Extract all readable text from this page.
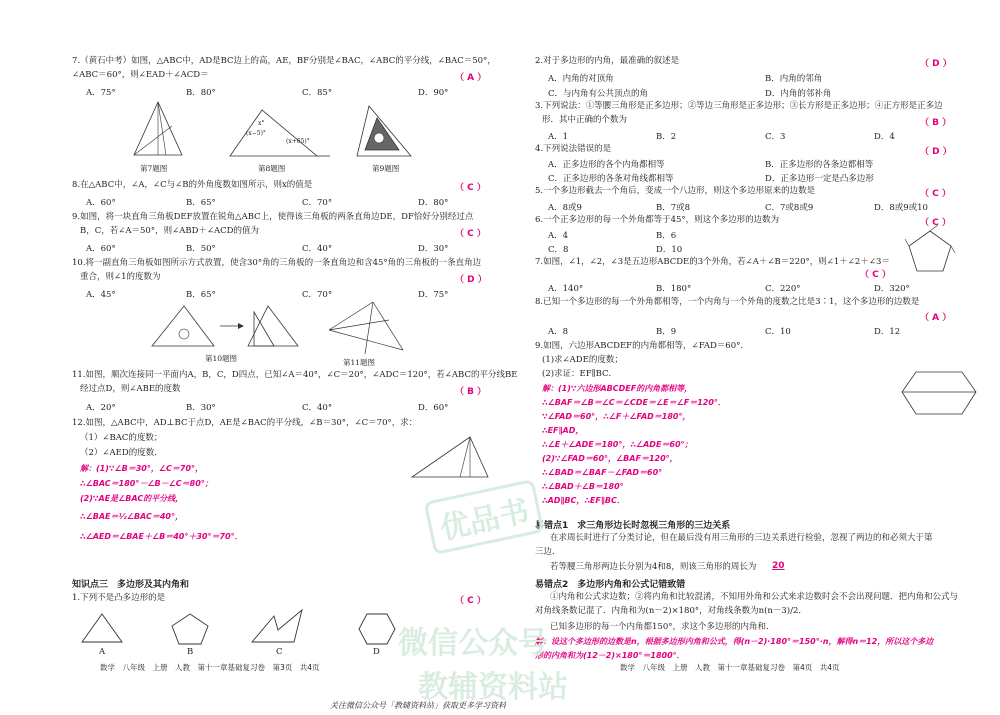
7.（黄石中考）如图，△ABC中，AD是BC边上的高，AE，BF分别是∠BAC，∠ABC的平分线，∠BAC＝50°，
∠ABC＝60°，则∠EAD＋∠ACD＝	（ A ）
A．75°	B．80°	C．85°	D．90°
第7题图
(x−5)°
(x+65)°
x°
第8题图	第9题图
8.在△ABC中，∠A，∠C与∠B的外角度数如图所示，则x的值是	（ C ）
A．60°	B．65°	C．70°	D．80°
9.如图，将一块直角三角板DEF放置在锐角△ABC上，使得该三角板的两条直角边DE，DF恰好分别经过点
B，C，若∠A＝50°，则∠ABD＋∠ACD的值为	（ C ）
A．60°	B．50°	C．40°	D．30°
10.将一副直角三角板如图所示方式放置，使含30°角的三角板的一条直角边和含45°角的三角板的一条直角边
重合，则∠1的度数为	（ D ）
A．45°	B．65°	C．70°	D．75°
第10题图	第11题图
11.如图，顺次连接同一平面内A，B，C，D四点，已知∠A＝40°，∠C＝20°，∠ADC＝120°，若∠ABC的平分线BE
经过点D，则∠ABE的度数	（ B ）
A．20°	B．30°	C．40°	D．60°
12.如图，△ABC中，AD⊥BC于点D，AE是∠BAC的平分线，∠B＝30°，∠C＝70°，求：
（1）∠BAC的度数；
（2）∠AED的度数．
解：(1)∵∠B＝30°，∠C＝70°，
∴∠BAC＝180°－∠B－∠C＝80°；
(2)∵AE是∠BAC的平分线，
∴∠BAE＝½∠BAC＝40°，
∴∠AED＝∠BAE＋∠B＝40°＋30°＝70°．
知识点三　多边形及其内角和
1.下列不是凸多边形的是	（ C ）
A	B	C	D
数学　八年级　上册　人教　第十一章基础复习卷　第3页　共4页
2.对于多边形的内角，最准确的叙述是	（ D ）
A．内角的对顶角	B．内角的邻角
C．与内角有公共顶点的角	D．内角的邻补角
3.下列说法：①等腰三角形是正多边形；②等边三角形是正多边形；③长方形是正多边形；④正方形是正多边
形．其中正确的个数为	（ B ）
A．1	B．2	C．3	D．4
4.下列说法错误的是	（ D ）
A．正多边形的各个内角都相等	B．正多边形的各条边都相等
C．正多边形的各条对角线都相等	D．正多边形一定是凸多边形
5.一个多边形截去一个角后，变成一个八边形，则这个多边形原来的边数是	（ C ）
A．8或9	B．7或8	C．7或8或9	D．8或9或10
6.一个正多边形的每一个外角都等于45°，则这个多边形的边数为	（ C ）
A．4	B．6
C．8	D．10
7.如图，∠1，∠2，∠3是五边形ABCDE的3个外角，若∠A＋∠B＝220°，则∠1＋∠2＋∠3＝
（ C ）
A．140°	B．180°	C．220°	D．320°
8.已知一个多边形的每一个外角都相等，一个内角与一个外角的度数之比是3∶1，这个多边形的边数是
（ A ）
A．8	B．9	C．10	D．12
9.如图，六边形ABCDEF的内角都相等，∠FAD＝60°．
(1)求∠ADE的度数；
(2)求证：EF∥BC．
解：(1)∵六边形ABCDEF的内角都相等，
∴∠BAF＝∠B＝∠C＝∠CDE＝∠E＝∠F＝120°．
∵∠FAD＝60°，∴∠F＋∠FAD＝180°，
∴EF∥AD，
∴∠E＋∠ADE＝180°，∴∠ADE＝60°；
(2)∵∠FAD＝60°，∠BAF＝120°，
∴∠BAD＝∠BAF－∠FAD＝60°
∴∠BAD＋∠B＝180°
∴AD∥BC，∴EF∥BC．
易错点1　求三角形边长时忽视三角形的三边关系
在求周长时进行了分类讨论，但在最后没有用三角形的三边关系进行检验，忽视了两边的和必须大于第
三边．
若等腰三角形两边长分别为4和8，则该三角形的周长为 20
易错点2　多边形内角和公式记错致错
①内角和公式求边数；②将内角和比较混淆，不知用外角和公式来求边数时会不会出现问题．把内角和公式与
对角线条数记混了．内角和为(n－2)×180°，对角线条数为n(n－3)/2．
已知多边形的每一个内角都150°，求这个多边形的内角和．
解：设这个多边形的边数是n，根据多边形内角和公式，得(n－2)·180°＝150°·n，解得n＝12，所以这个多边
形的内角和为(12－2)×180°＝1800°．
数学　八年级　上册　人教　第十一章基础复习卷　第4页　共4页
优品书
微信公众号
教辅资料站
关注微信公众号「教辅资料站」获取更多学习资料
